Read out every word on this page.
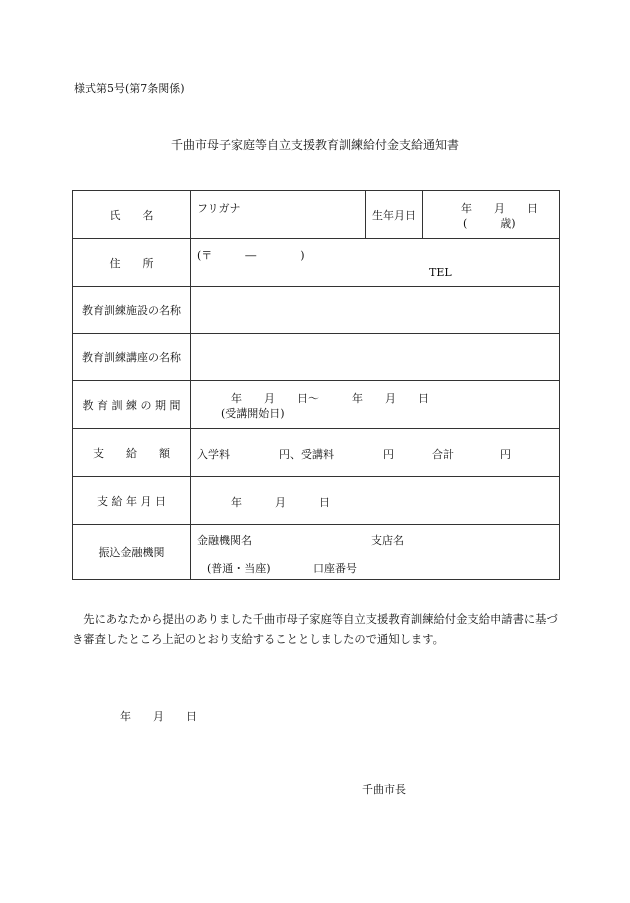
様式第5号(第7条関係)
千曲市母子家庭等自立支援教育訓練給付金支給通知書
氏　　名	フリガナ	生年月日	年　　月　　日
(　　　歳)

住　　所	(〒　　　―　　　　)
TEL		

教育訓練施設の名称			
教育訓練講座の名称			
教 育 訓 練 の 期 間	年　　月　　日～　　　年　　月　　日
(受講開始日)		

支　　給　　額	入学料 円、受講料 円 合計 円		

支 給 年 月 日	年　　　月　　　日		

振込金融機関	金融機関名 支店名
(普通・当座) 口座番号		
先にあなたから提出のありました千曲市母子家庭等自立支援教育訓練給付金支給申請書に基づき審査したところ上記のとおり支給することとしましたので通知します。
年　　月　　日
千曲市長
